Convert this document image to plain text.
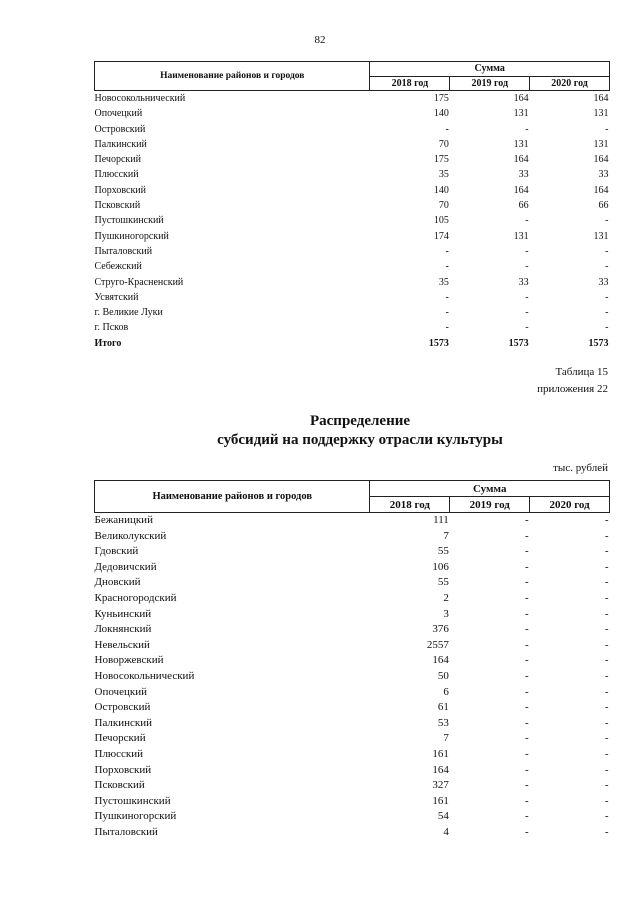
82
Наименование районов и городов	Сумма		
	2018 год	2019 год	2020 год
Новосокольнический	175	164	164
Опочецкий	140	131	131
Островский	-	-	-
Палкинский	70	131	131
Печорский	175	164	164
Плюсский	35	33	33
Порховский	140	164	164
Псковский	70	66	66
Пустошкинский	105	-	-
Пушкиногорский	174	131	131
Пыталовский	-	-	-
Себежский	-	-	-
Струго-Красненский	35	33	33
Усвятский	-	-	-
г. Великие Луки	-	-	-
г. Псков	-	-	-
Итого	1573	1573	1573
Таблица 15
приложения 22
Распределение
субсидий на поддержку отрасли культуры
тыс. рублей
Наименование районов и городов	Сумма		
	2018 год	2019 год	2020 год
Бежаницкий	111	-	-
Великолукский	7	-	-
Гдовский	55	-	-
Дедовичский	106	-	-
Дновский	55	-	-
Красногородский	2	-	-
Куньинский	3	-	-
Локнянский	376	-	-
Невельский	2557	-	-
Новоржевский	164	-	-
Новосокольнический	50	-	-
Опочецкий	6	-	-
Островский	61	-	-
Палкинский	53	-	-
Печорский	7	-	-
Плюсский	161	-	-
Порховский	164	-	-
Псковский	327	-	-
Пустошкинский	161	-	-
Пушкиногорский	54	-	-
Пыталовский	4	-	-
